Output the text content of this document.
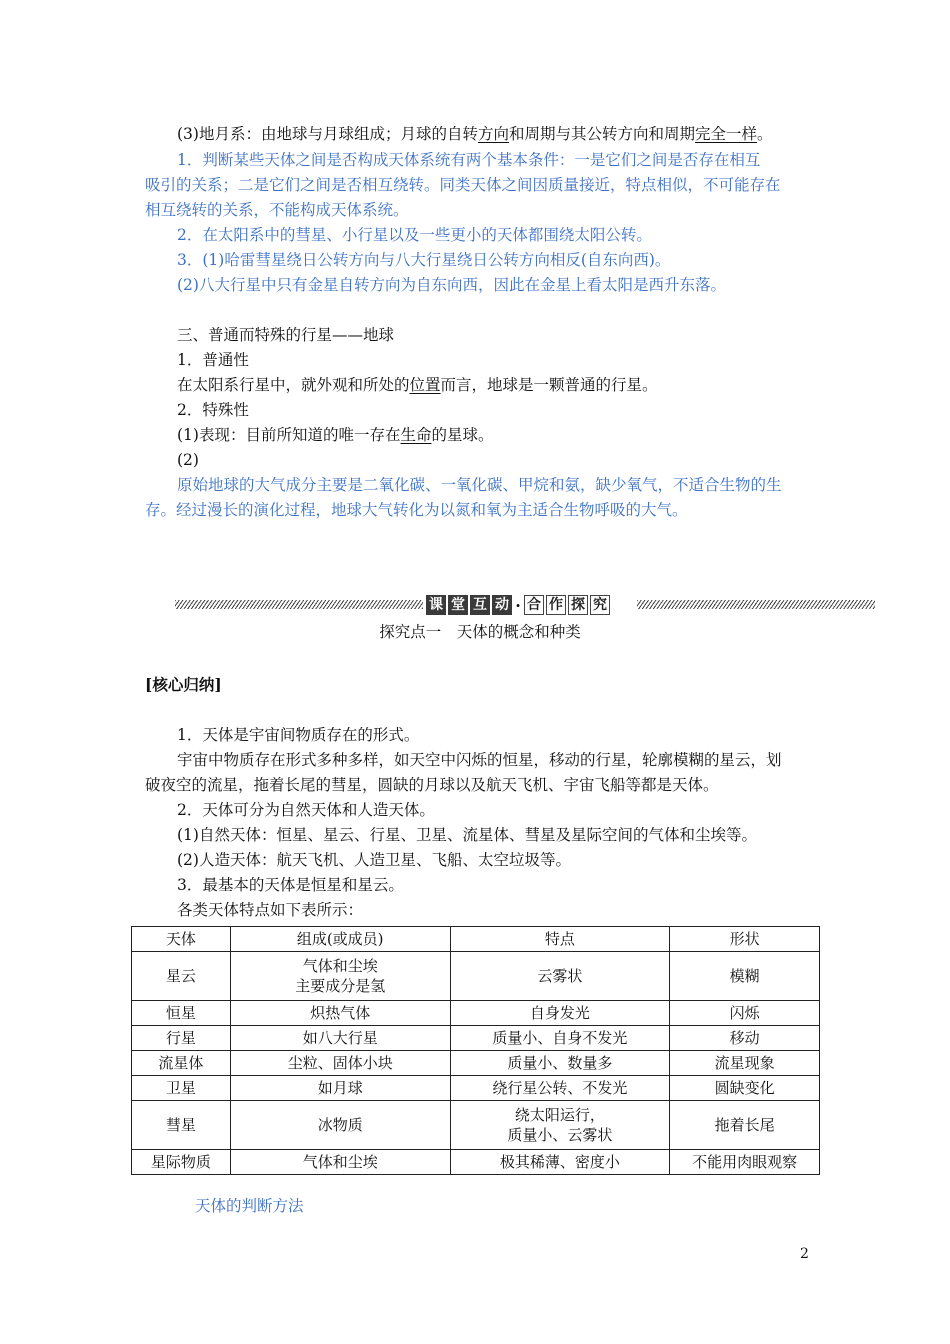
(3)地月系：由地球与月球组成；月球的自转方向和周期与其公转方向和周期完全一样。
1．判断某些天体之间是否构成天体系统有两个基本条件：一是它们之间是否存在相互
吸引的关系；二是它们之间是否相互绕转。同类天体之间因质量接近，特点相似，不可能存在
相互绕转的关系，不能构成天体系统。
2．在太阳系中的彗星、小行星以及一些更小的天体都围绕太阳公转。
3．(1)哈雷彗星绕日公转方向与八大行星绕日公转方向相反(自东向西)。
(2)八大行星中只有金星自转方向为自东向西，因此在金星上看太阳是西升东落。
三、普通而特殊的行星——地球
1．普通性
在太阳系行星中，就外观和所处的位置而言，地球是一颗普通的行星。
2．特殊性
(1)表现：目前所知道的唯一存在生命的星球。
(2)
原始地球的大气成分主要是二氧化碳、一氧化碳、甲烷和氨，缺少氧气，不适合生物的生
存。经过漫长的演化过程，地球大气转化为以氮和氧为主适合生物呼吸的大气。
课 堂 互 动 · 合 作 探 究
探究点一　天体的概念和种类
[核心归纳]
1．天体是宇宙间物质存在的形式。
宇宙中物质存在形式多种多样，如天空中闪烁的恒星，移动的行星，轮廓模糊的星云，划
破夜空的流星，拖着长尾的彗星，圆缺的月球以及航天飞机、宇宙飞船等都是天体。
2．天体可分为自然天体和人造天体。
(1)自然天体：恒星、星云、行星、卫星、流星体、彗星及星际空间的气体和尘埃等。
(2)人造天体：航天飞机、人造卫星、飞船、太空垃圾等。
3．最基本的天体是恒星和星云。
各类天体特点如下表所示：
天体	组成(或成员)	特点	形状
星云	气体和尘埃
主要成分是氢	云雾状	模糊
恒星	炽热气体	自身发光	闪烁
行星	如八大行星	质量小、自身不发光	移动
流星体	尘粒、固体小块	质量小、数量多	流星现象
卫星	如月球	绕行星公转、不发光	圆缺变化
彗星	冰物质	绕太阳运行，
质量小、云雾状	拖着长尾
星际物质	气体和尘埃	极其稀薄、密度小	不能用肉眼观察
天体的判断方法
2
